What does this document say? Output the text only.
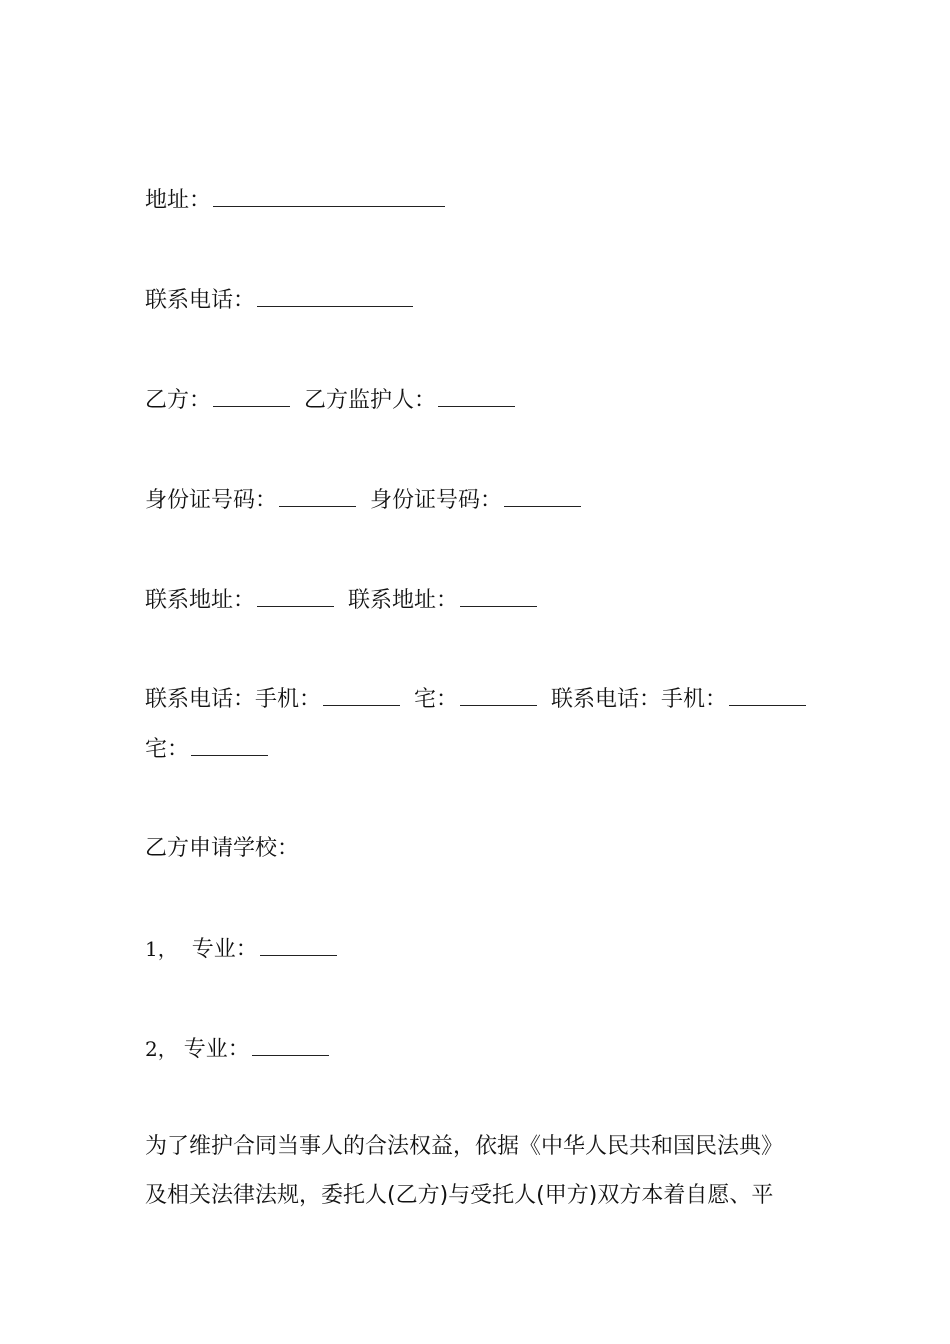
地址：
联系电话：
乙方：	乙方监护人：
身份证号码：	身份证号码：
联系地址：	联系地址：
联系电话：手机：	宅：	联系电话：手机：
宅：
乙方申请学校：
1， 专业：
2， 专业：
为了维护合同当事人的合法权益，依据《中华人民共和国民法典》
及相关法律法规，委托人(乙方)与受托人(甲方)双方本着自愿、平
